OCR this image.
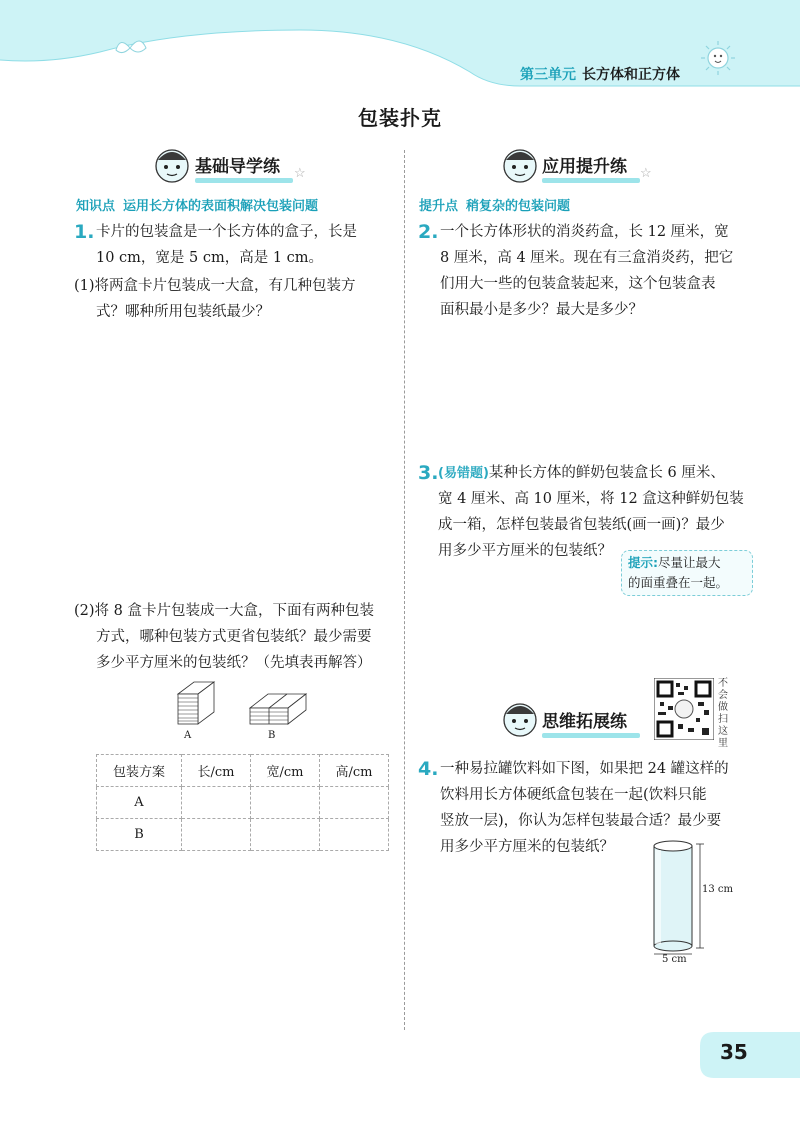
第三单元 长方体和正方体
包装扑克
基础导学练	☆
知识点 运用长方体的表面积解决包装问题
1. 卡片的包装盒是一个长方体的盒子，长是
10 cm，宽是 5 cm，高是 1 cm。
(1)将两盒卡片包装成一大盒，有几种包装方
式？哪种所用包装纸最少？
(2)将 8 盒卡片包装成一大盒，下面有两种包装
方式，哪种包装方式更省包装纸？最少需要
多少平方厘米的包装纸？（先填表再解答）
A	B
包装方案	长/cm	宽/cm	高/cm
A			
B			
应用提升练	☆
提升点 稍复杂的包装问题
2. 一个长方体形状的消炎药盒，长 12 厘米，宽
8 厘米，高 4 厘米。现在有三盒消炎药，把它
们用大一些的包装盒装起来，这个包装盒表
面积最小是多少？最大是多少？
3. (易错题)某种长方体的鲜奶包装盒长 6 厘米、
宽 4 厘米、高 10 厘米，将 12 盒这种鲜奶包装
成一箱，怎样包装最省包装纸(画一画)？最少
用多少平方厘米的包装纸？
提示:尽量让最大
的面重叠在一起。
思维拓展练
不会做扫这里
4. 一种易拉罐饮料如下图，如果把 24 罐这样的
饮料用长方体硬纸盒包装在一起(饮料只能
竖放一层)，你认为怎样包装最合适？最少要
用多少平方厘米的包装纸？
13 cm
5 cm
35
